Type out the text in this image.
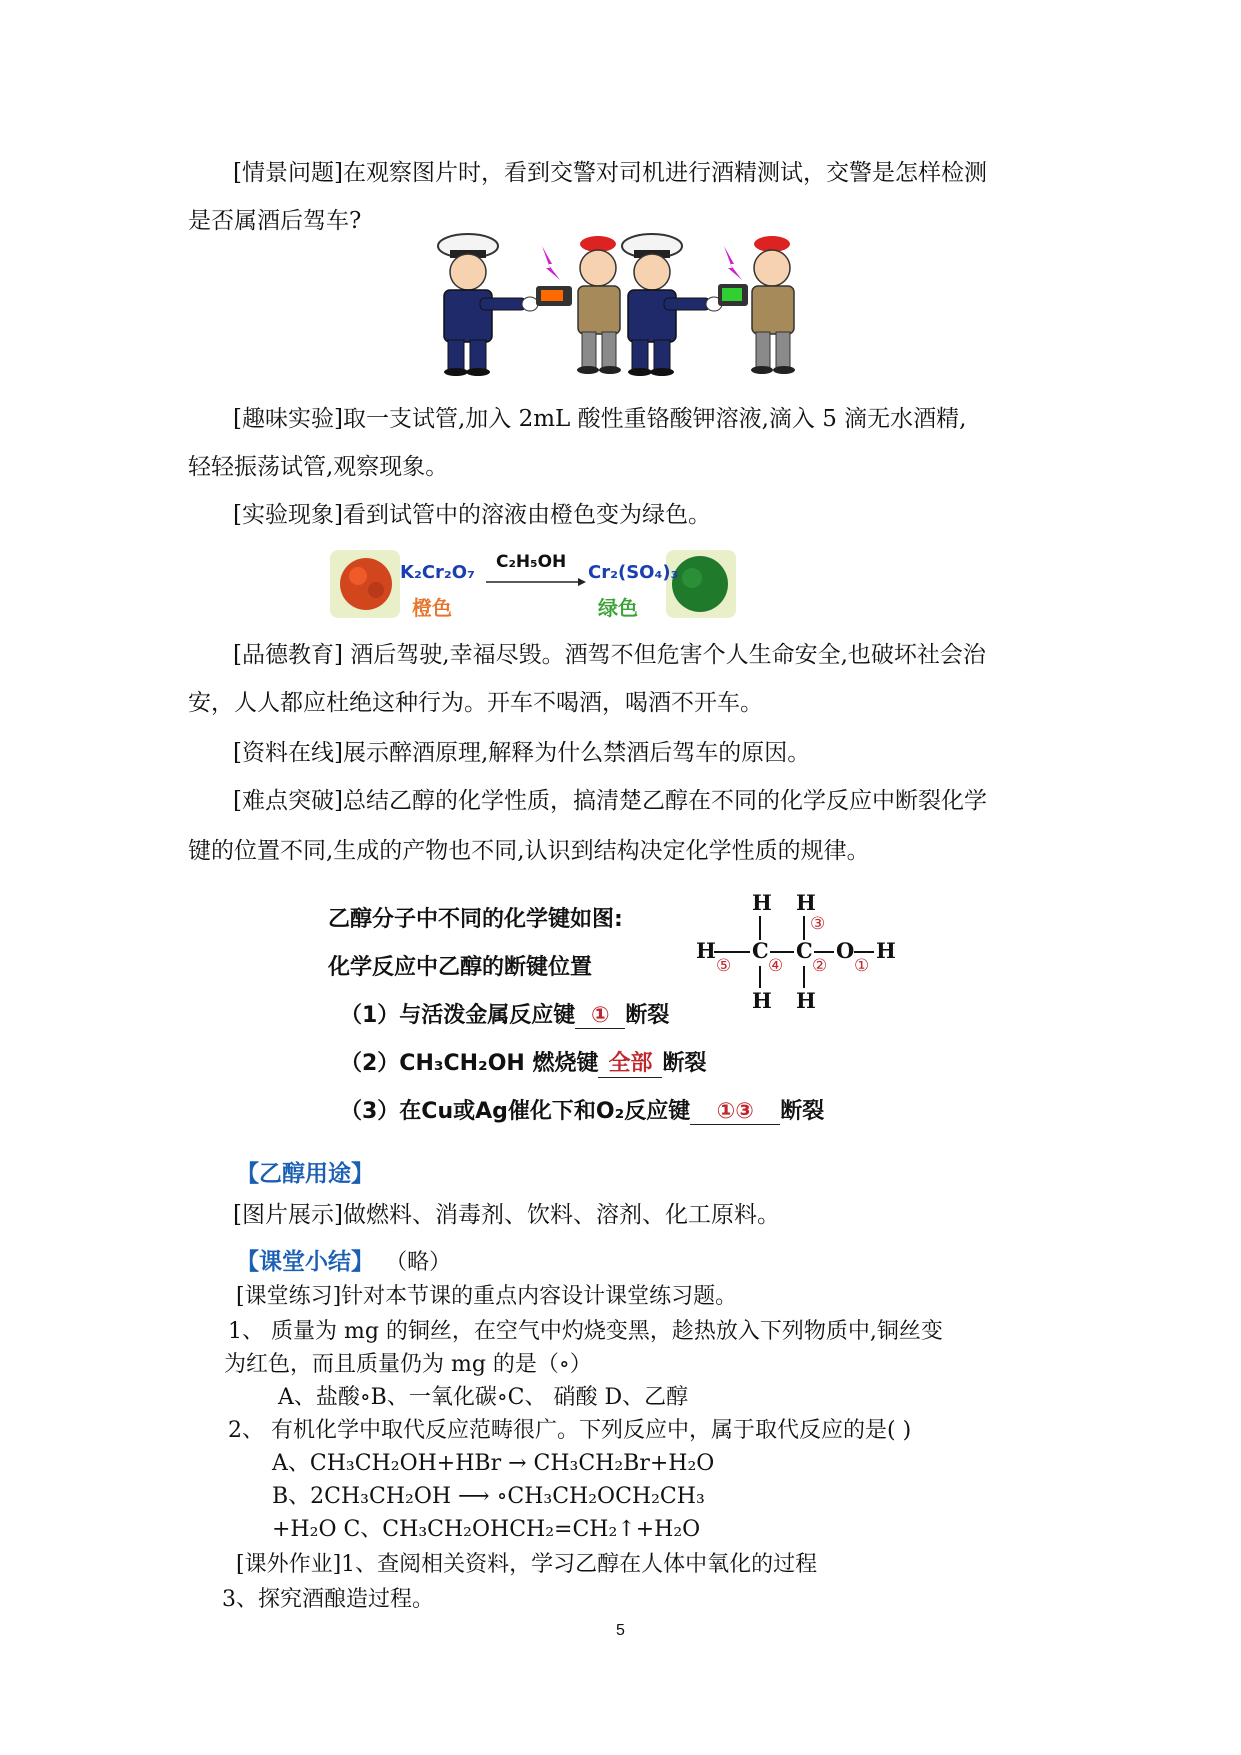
[情景问题]在观察图片时，看到交警对司机进行酒精测试，交警是怎样检测
是否属酒后驾车?
[趣味实验]取一支试管,加入 2mL 酸性重铬酸钾溶液,滴入 5 滴无水酒精,
轻轻振荡试管,观察现象。
[实验现象]看到试管中的溶液由橙色变为绿色。
K₂Cr₂O₇ C₂H₅OH Cr₂(SO₄)₃
橙色	绿色
[品德教育] 酒后驾驶,幸福尽毁。酒驾不但危害个人生命安全,也破坏社会治
安，人人都应杜绝这种行为。开车不喝酒，喝酒不开车。
[资料在线]展示醉酒原理,解释为什么禁酒后驾车的原因。
[难点突破]总结乙醇的化学性质，搞清楚乙醇在不同的化学反应中断裂化学
键的位置不同,生成的产物也不同,认识到结构决定化学性质的规律。
乙醇分子中不同的化学键如图:
化学反应中乙醇的断键位置
（1）与活泼金属反应键 ① 断裂
（2）CH₃CH₂OH 燃烧键 全部 断裂
（3）在Cu或Ag催化下和O₂反应键 ①③ 断裂
H H
H C C O H
H H
③
⑤ ④ ② ①
【乙醇用途】
[图片展示]做燃料、消毒剂、饮料、溶剂、化工原料。
【课堂小结】 （略）
[课堂练习]针对本节课的重点内容设计课堂练习题。
1、 质量为 mg 的铜丝，在空气中灼烧变黑，趁热放入下列物质中,铜丝变
为红色，而且质量仍为 mg 的是（∘）
A、盐酸∘B、一氧化碳∘C、 硝酸 D、乙醇
2、 有机化学中取代反应范畴很广。下列反应中，属于取代反应的是( )
A、CH₃CH₂OH+HBr → CH₃CH₂Br+H₂O
B、2CH₃CH₂OH ⟶ ∘CH₃CH₂OCH₂CH₃
+H₂O C、CH₃CH₂OHCH₂=CH₂↑+H₂O
[课外作业]1、查阅相关资料，学习乙醇在人体中氧化的过程
3、探究酒酿造过程。
5
